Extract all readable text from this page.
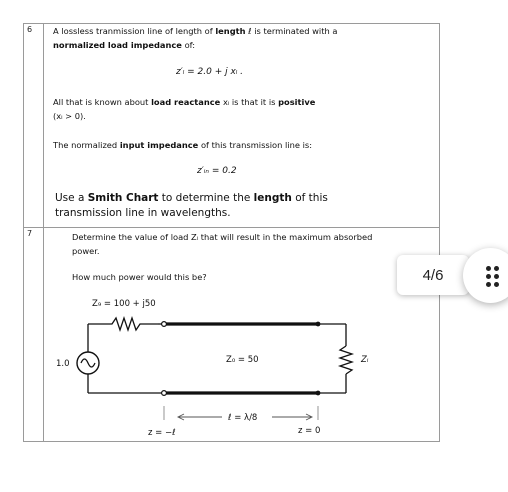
6	A lossless tranmission line of length of length ℓ is terminated with a
normalized load impedance of:
z′ₗ = 2.0 + j xₗ .
All that is known about load reactance xₗ is that it is positive
(xₗ > 0).
The normalized input impedance of this transmission line is:
z′ᵢₙ = 0.2
Use a Smith Chart to determine the length of this
transmission line in wavelengths.
7	Determine the value of load Zₗ that will result in the maximum absorbed
power.
How much power would this be?
Z₉ = 100 + j50
1.0	Zₗ
Z₀ = 50
ℓ = λ/8
z = −ℓ	z = 0
4/6
